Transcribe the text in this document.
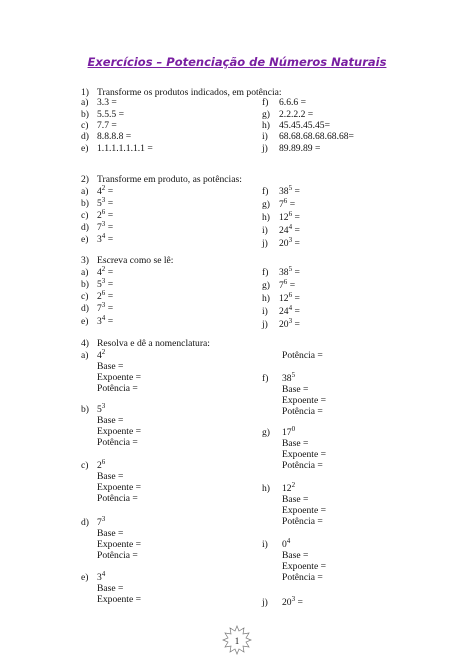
Exercícios – Potenciação de Números Naturais
1) Transforme os produtos indicados, em potência:
a) 3.3 =
b) 5.5.5 =
c) 7.7 =
d) 8.8.8.8 =
e) 1.1.1.1.1.1.1 =
f) 6.6.6 =
g) 2.2.2.2 =
h) 45.45.45.45=
i) 68.68.68.68.68.68=
j) 89.89.89 =
2) Transforme em produto, as potências:
a) $4^2$ =
b) $5^3$ =
c) $2^6$ =
d) $7^3$ =
e) $3^4$ =
f) $38^5$ =
g) $7^6$ =
h) $12^6$ =
i) $24^4$ =
j) $20^3$ =
3) Escreva como se lê:
a) $4^2$ =
b) $5^3$ =
c) $2^6$ =
d) $7^3$ =
e) $3^4$ =
f) $38^5$ =
g) $7^6$ =
h) $12^6$ =
i) $24^4$ =
j) $20^3$ =
4) Resolva e dê a nomenclatura:
a) $4^2$
Base =
Expoente =
Potência =
b) $5^3$
Base =
Expoente =
Potência =
c) $2^6$
Base =
Expoente =
Potência =
d) $7^3$
Base =
Expoente =
Potência =
e) $3^4$
Base =
Expoente =
Potência =
f) $38^5$
Base =
Expoente =
Potência =
g) $17^0$
Base =
Expoente =
Potência =
h) $12^2$
Base =
Expoente =
Potência =
i) $0^4$
Base =
Expoente =
Potência =
j) $20^3$ =
1
